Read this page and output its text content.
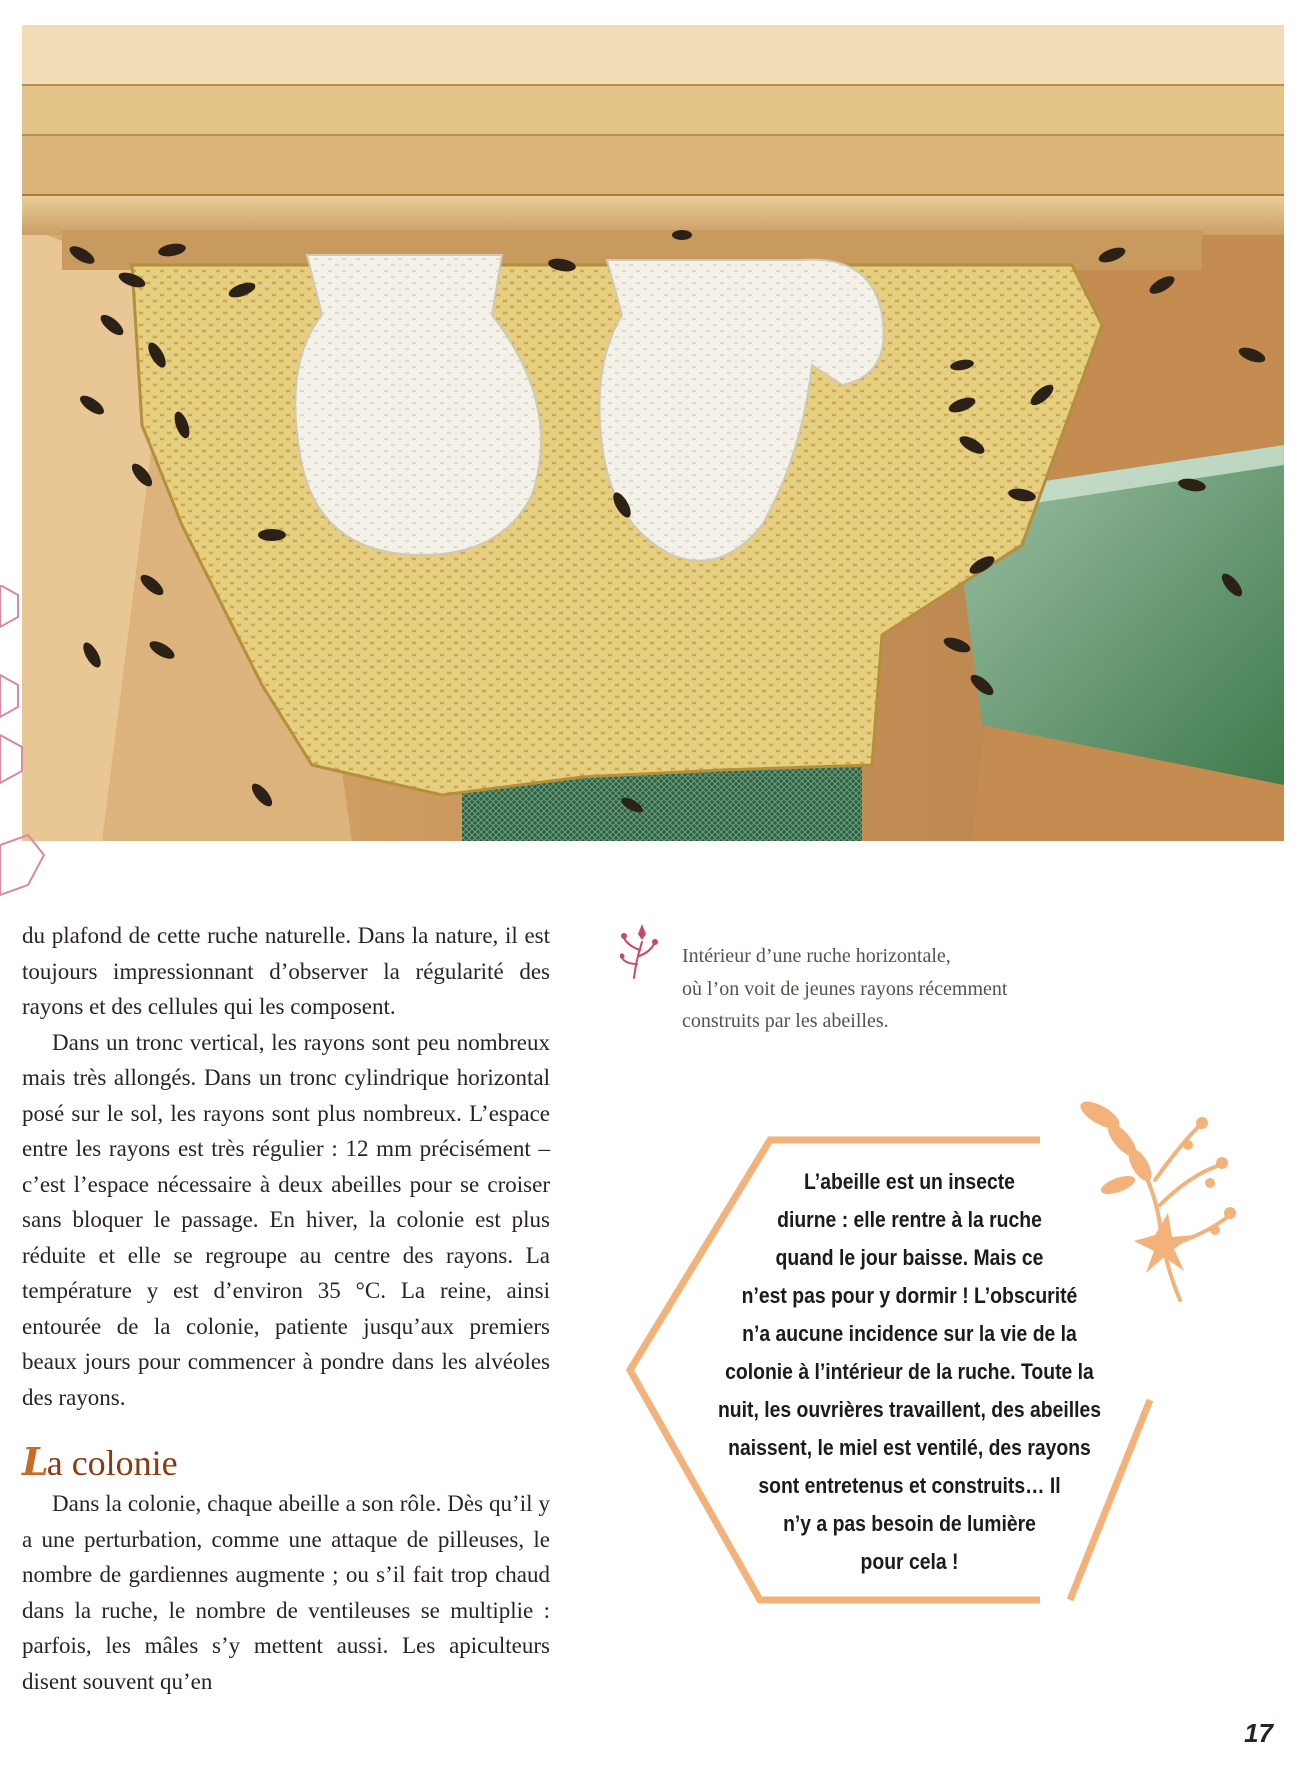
du plafond de cette ruche naturelle. Dans la nature, il est toujours impressionnant d’observer la régularité des rayons et des cellules qui les composent.

Dans un tronc vertical, les rayons sont peu nombreux mais très allongés. Dans un tronc cylindrique horizontal posé sur le sol, les rayons sont plus nombreux. L’espace entre les rayons est très régulier : 12 mm précisément – c’est l’espace nécessaire à deux abeilles pour se croiser sans bloquer le passage. En hiver, la colonie est plus réduite et elle se regroupe au centre des rayons. La température y est d’environ 35 °C. La reine, ainsi entourée de la colonie, patiente jusqu’aux premiers beaux jours pour commencer à pondre dans les alvéoles des rayons.

La colonie

Dans la colonie, chaque abeille a son rôle. Dès qu’il y a une perturbation, comme une attaque de pilleuses, le nombre de gardiennes augmente ; ou s’il fait trop chaud dans la ruche, le nombre de ventileuses se multiplie : parfois, les mâles s’y mettent aussi. Les apiculteurs disent souvent qu’en

Intérieur d’une ruche horizontale,
où l’on voit de jeunes rayons récemment
construits par les abeilles.
L’abeille est un insecte
diurne : elle rentre à la ruche
quand le jour baisse. Mais ce
n’est pas pour y dormir ! L’obscurité
n’a aucune incidence sur la vie de la
colonie à l’intérieur de la ruche. Toute la
nuit, les ouvrières travaillent, des abeilles
naissent, le miel est ventilé, des rayons
sont entretenus et construits… Il
n’y a pas besoin de lumière
pour cela !
17
